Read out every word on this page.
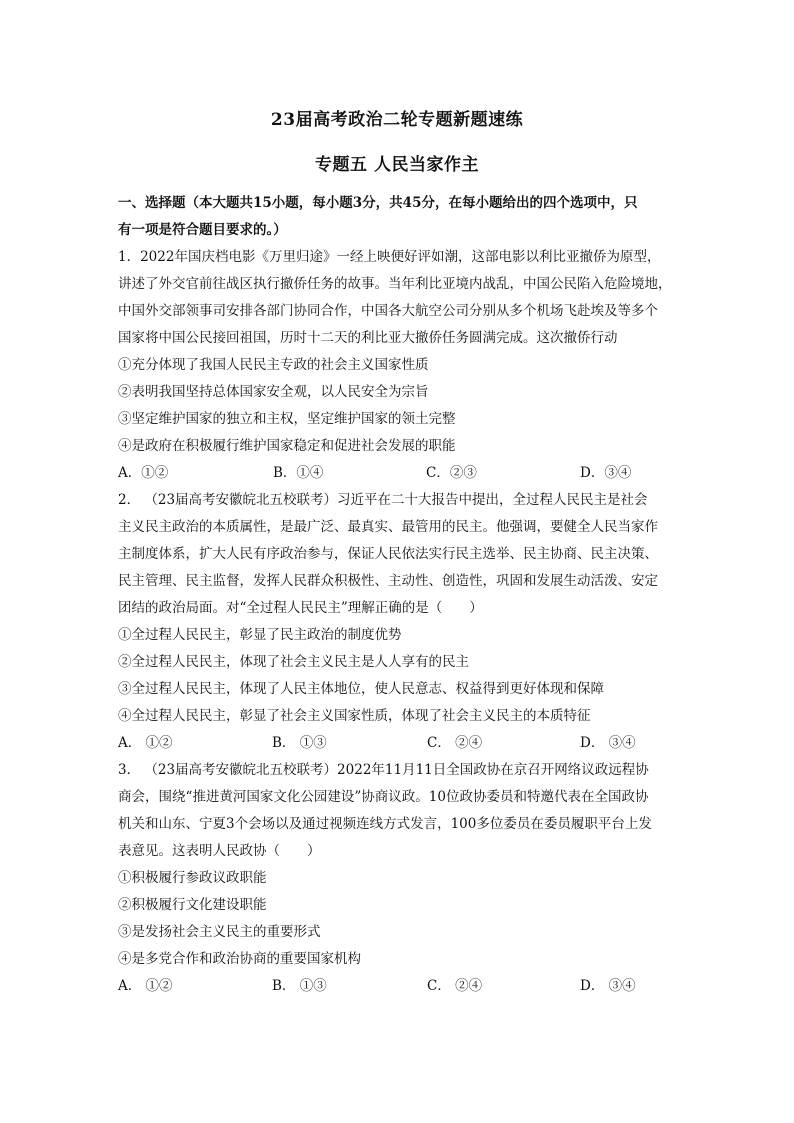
23届高考政治二轮专题新题速练
专题五 人民当家作主
一、选择题（本大题共15小题，每小题3分，共45分，在每小题给出的四个选项中，只
有一项是符合题目要求的。）
1．2022年国庆档电影《万里归途》一经上映便好评如潮，这部电影以利比亚撤侨为原型，
讲述了外交官前往战区执行撤侨任务的故事。当年利比亚境内战乱，中国公民陷入危险境地，
中国外交部领事司安排各部门协同合作，中国各大航空公司分别从多个机场飞赴埃及等多个
国家将中国公民接回祖国，历时十二天的利比亚大撤侨任务圆满完成。这次撤侨行动
①充分体现了我国人民民主专政的社会主义国家性质
②表明我国坚持总体国家安全观，以人民安全为宗旨
③坚定维护国家的独立和主权，坚定维护国家的领土完整
④是政府在积极履行维护国家稳定和促进社会发展的职能
A．①②	B．①④	C．②③	D．③④
2． （23届高考安徽皖北五校联考）习近平在二十大报告中提出，全过程人民民主是社会
主义民主政治的本质属性，是最广泛、最真实、最管用的民主。他强调，要健全人民当家作
主制度体系，扩大人民有序政治参与，保证人民依法实行民主选举、民主协商、民主决策、
民主管理、民主监督，发挥人民群众积极性、主动性、创造性，巩固和发展生动活泼、安定
团结的政治局面。对“全过程人民民主”理解正确的是（　　）
①全过程人民民主，彰显了民主政治的制度优势
②全过程人民民主，体现了社会主义民主是人人享有的民主
③全过程人民民主，体现了人民主体地位，使人民意志、权益得到更好体现和保障
④全过程人民民主，彰显了社会主义国家性质，体现了社会主义民主的本质特征
A． ①②	B． ①③	C． ②④	D． ③④
3． （23届高考安徽皖北五校联考）2022年11月11日全国政协在京召开网络议政远程协
商会，围绕“推进黄河国家文化公园建设”协商议政。10位政协委员和特邀代表在全国政协
机关和山东、宁夏3个会场以及通过视频连线方式发言，100多位委员在委员履职平台上发
表意见。这表明人民政协（　　）
①积极履行参政议政职能
②积极履行文化建设职能
③是发扬社会主义民主的重要形式
④是多党合作和政治协商的重要国家机构
A． ①②	B． ①③	C． ②④	D． ③④
